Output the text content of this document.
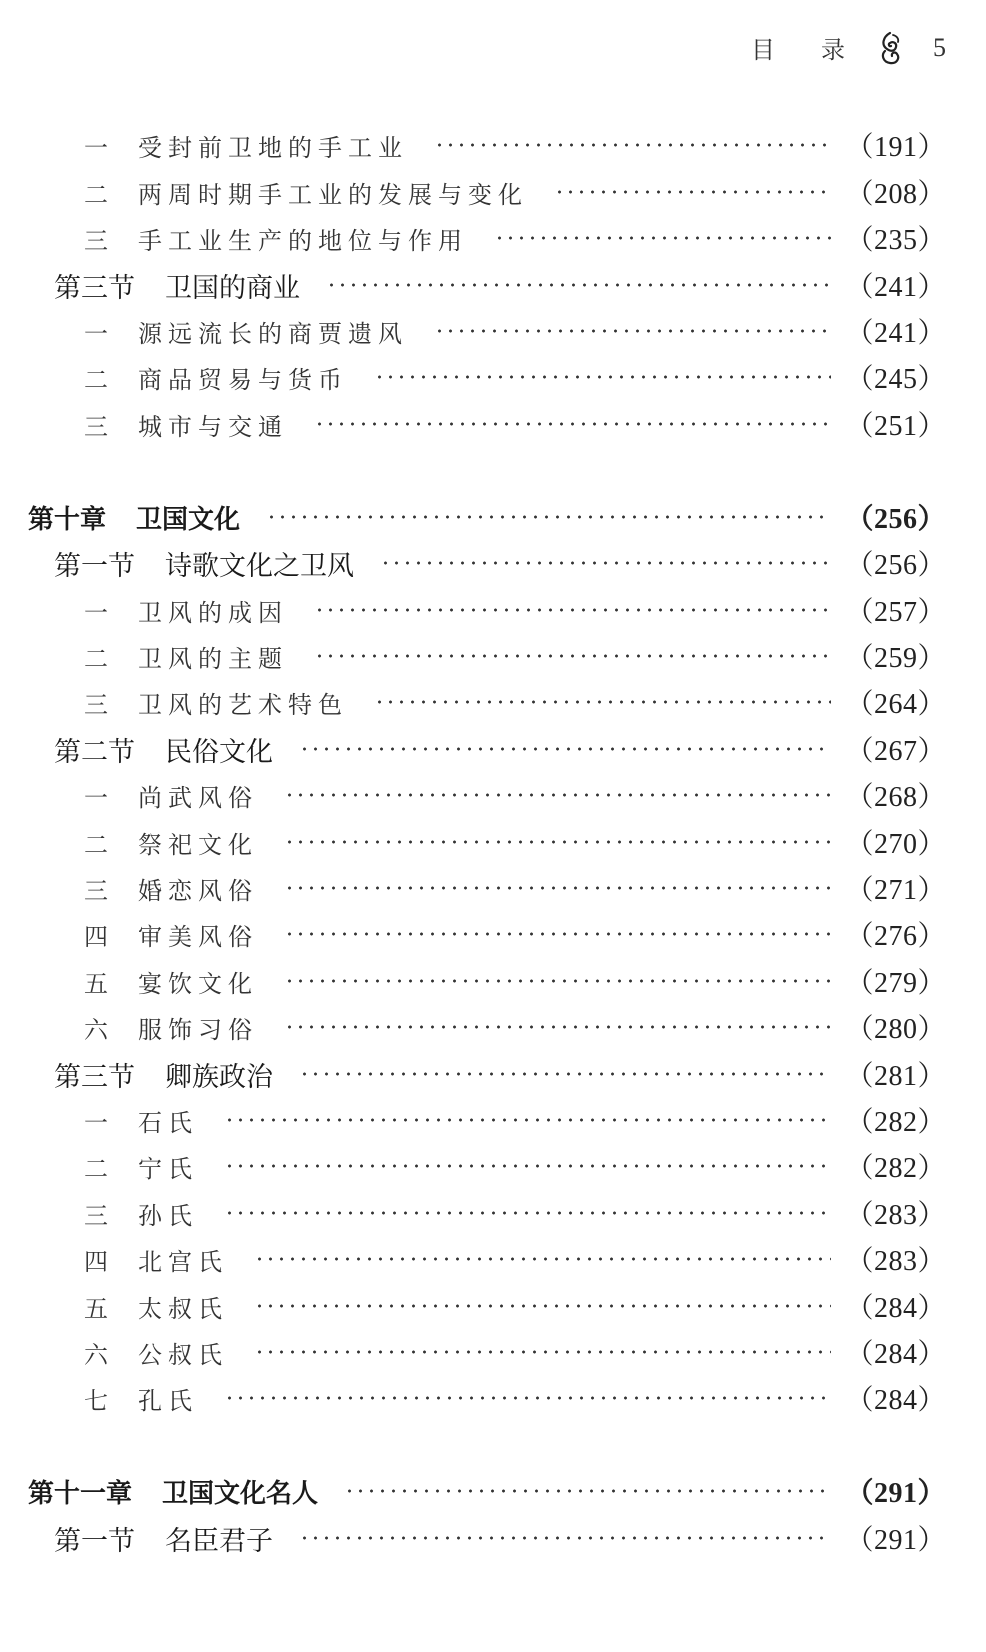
目录 5
一	受封前卫地的手工业	（191）
二	两周时期手工业的发展与变化	（208）
三	手工业生产的地位与作用	（235）
第三节 卫国的商业	（241）
一	源远流长的商贾遗风	（241）
二	商品贸易与货币	（245）
三	城市与交通	（251）
第十章 卫国文化	（256）
第一节 诗歌文化之卫风	（256）
一	卫风的成因	（257）
二	卫风的主题	（259）
三	卫风的艺术特色	（264）
第二节 民俗文化	（267）
一	尚武风俗	（268）
二	祭祀文化	（270）
三	婚恋风俗	（271）
四	审美风俗	（276）
五	宴饮文化	（279）
六	服饰习俗	（280）
第三节 卿族政治	（281）
一	石氏	（282）
二	宁氏	（282）
三	孙氏	（283）
四	北宫氏	（283）
五	太叔氏	（284）
六	公叔氏	（284）
七	孔氏	（284）
第十一章 卫国文化名人	（291）
第一节 名臣君子	（291）
